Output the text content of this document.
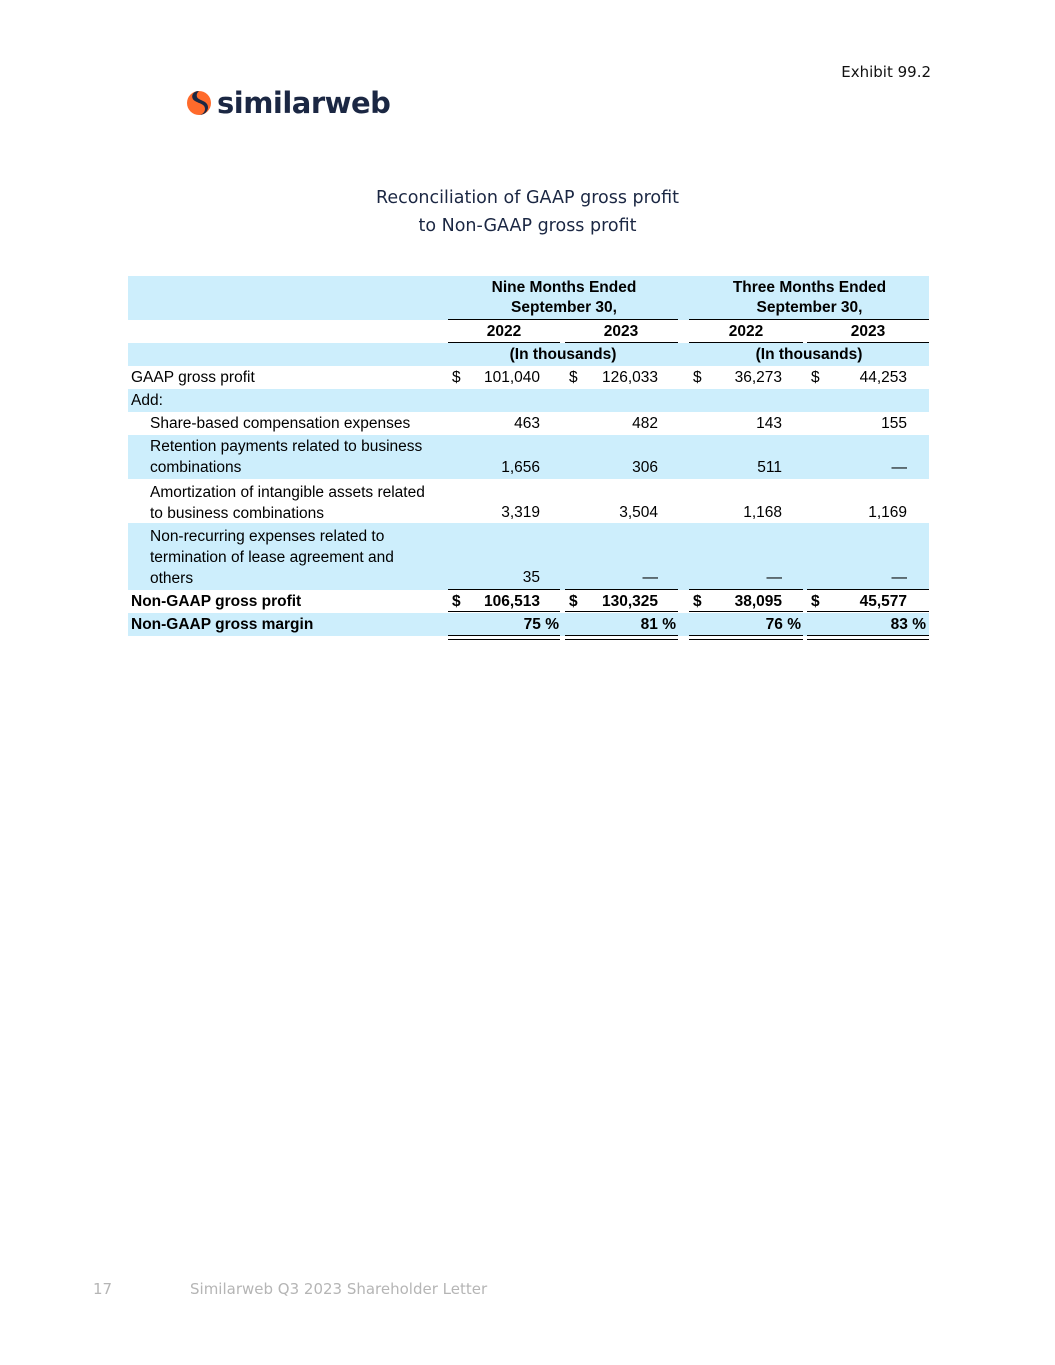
Exhibit 99.2
similarweb
Reconciliation of GAAP gross profit
to Non-GAAP gross profit
Nine Months Ended
September 30,
Three Months Ended
September 30,
2022	2023	2022	2023
(In thousands)	(In thousands)
GAAP gross profit	$	101,040 $	126,033 $	36,273 $	44,253
Add:
Share-based compensation expenses	463	482	143	155
Retention payments related to business
combinations	1,656	306	511	—
Amortization of intangible assets related
to business combinations	3,319	3,504	1,168	1,169
Non-recurring expenses related to
termination of lease agreement and
others	35	—	—	—
Non-GAAP gross profit	$	106,513 $	130,325 $	38,095 $	45,577
Non-GAAP gross margin	75 %	81 %	76 %	83 %
17	Similarweb Q3 2023 Shareholder Letter
